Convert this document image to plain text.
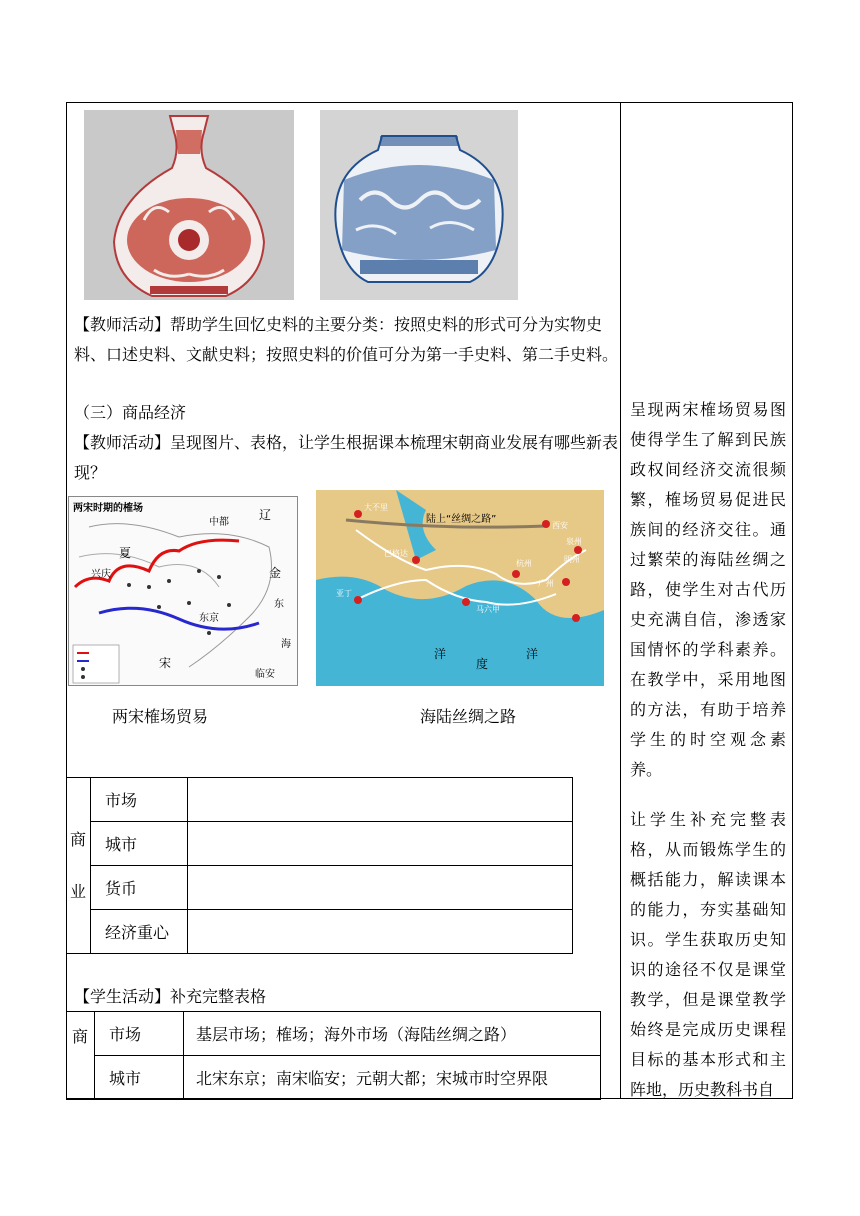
【教师活动】帮助学生回忆史料的主要分类：按照史料的形式可分为实物史料、口述史料、文献史料；按照史料的价值可分为第一手史料、第二手史料。

（三）商品经济

【教师活动】呈现图片、表格，让学生根据课本梳理宋朝商业发展有哪些新表现？

两宋时期的榷场
中都
兴庆
东京
临安
宋
夏
辽
金
海
东
陆上“丝绸之路”
大不里
西安
泉州
广州
明州
杭州
巴格达
亚丁
马六甲
洋
度
洋
两宋榷场贸易	海陆丝绸之路
商
业	市场	
	城市	
	货币	
	经济重心	

【学生活动】补充完整表格

商	市场	基层市场；榷场；海外市场（海陆丝绸之路）
	城市	北宋东京；南宋临安；元朝大都；宋城市时空界限

呈现两宋榷场贸易图使得学生了解到民族政权间经济交流很频繁，榷场贸易促进民族间的经济交往。通过繁荣的海陆丝绸之路，使学生对古代历史充满自信，渗透家国情怀的学科素养。在教学中，采用地图的方法，有助于培养学生的时空观念素养。

让学生补充完整表格，从而锻炼学生的概括能力，解读课本的能力，夯实基础知识。学生获取历史知识的途径不仅是课堂教学，但是课堂教学始终是完成历史课程目标的基本形式和主阵地，历史教科书自
